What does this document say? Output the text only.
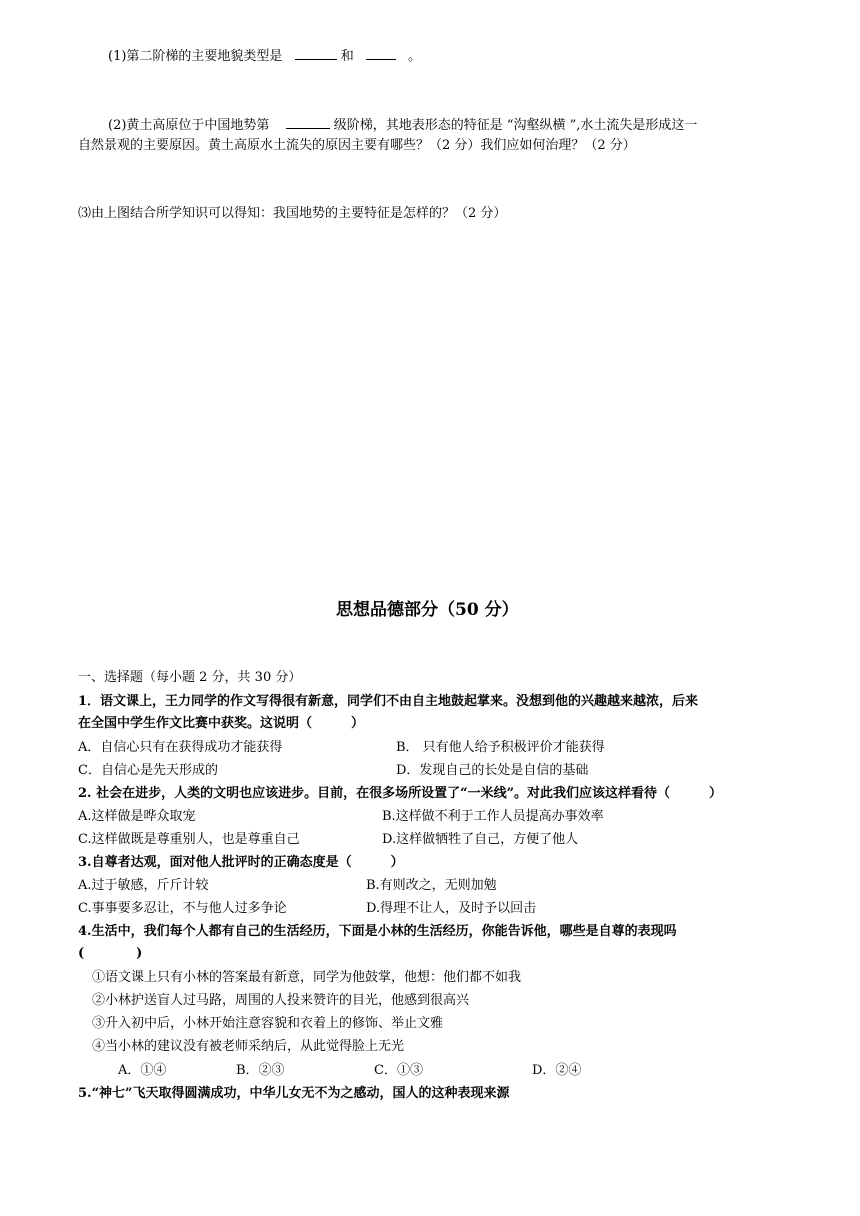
(1)第二阶梯的主要地貌类型是	和	。
(2)黄土高原位于中国地势第	级阶梯，其地表形态的特征是 “沟壑纵横 ”,水土流失是形成这一
自然景观的主要原因。黄土高原水土流失的原因主要有哪些？（2 分）我们应如何治理？（2 分）
⑶由上图结合所学知识可以得知：我国地势的主要特征是怎样的？（2 分）
思想品德部分（50 分）
一、选择题（每小题 2 分，共 30 分）
1．语文课上，王力同学的作文写得很有新意，同学们不由自主地鼓起掌来。没想到他的兴趣越来越浓，后来
在全国中学生作文比赛中获奖。这说明（　　　）
A．自信心只有在获得成功才能获得	B． 只有他人给予积极评价才能获得
C．自信心是先天形成的	D．发现自己的长处是自信的基础
2. 社会在进步，人类的文明也应该进步。目前，在很多场所设置了“一米线”。对此我们应该这样看待（　　　）
A.这样做是哗众取宠	B.这样做不利于工作人员提高办事效率
C.这样做既是尊重别人，也是尊重自己	D.这样做牺牲了自己，方便了他人
3.自尊者达观，面对他人批评时的正确态度是（　　　）
A.过于敏感，斤斤计较	B.有则改之，无则加勉
C.事事要多忍让，不与他人过多争论	D.得理不让人，及时予以回击
4.生活中，我们每个人都有自己的生活经历，下面是小林的生活经历，你能告诉他，哪些是自尊的表现吗
(　　　　)
①语文课上只有小林的答案最有新意，同学为他鼓掌，他想：他们都不如我
②小林护送盲人过马路，周围的人投来赞许的目光，他感到很高兴
③升入初中后，小林开始注意容貌和衣着上的修饰、举止文雅
④当小林的建议没有被老师采纳后，从此觉得脸上无光
A．①④	B．②③	C．①③	D．②④
5.“神七”飞天取得圆满成功，中华儿女无不为之感动，国人的这种表现来源
